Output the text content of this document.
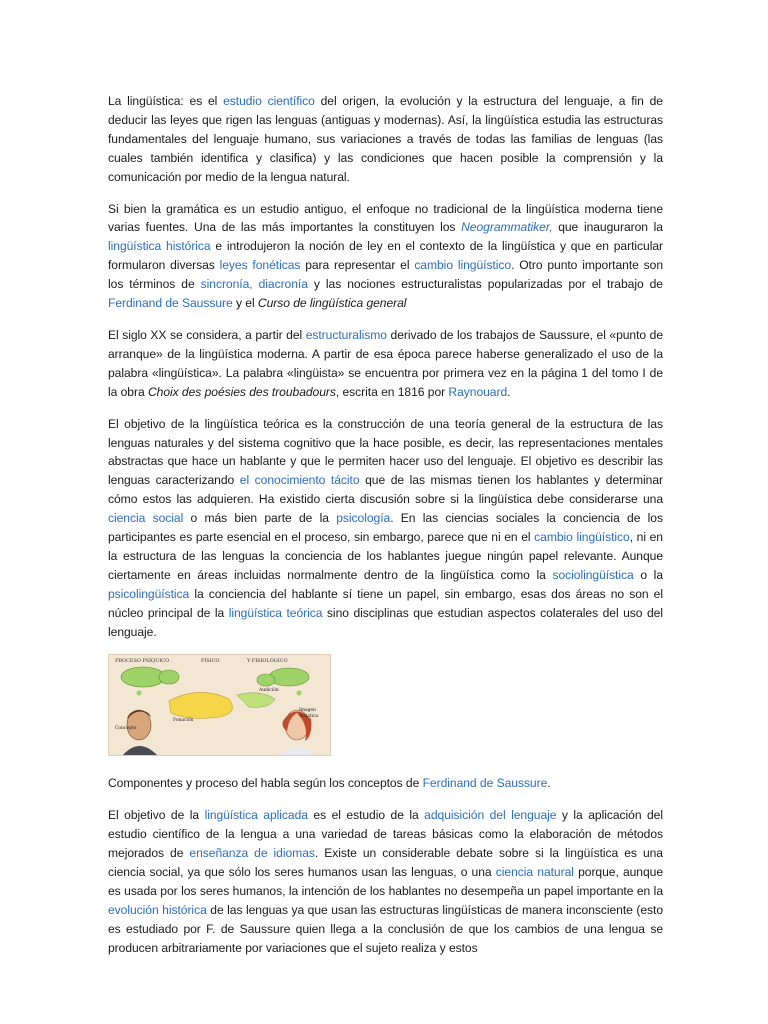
La lingüística: es el estudio científico del origen, la evolución y la estructura del lenguaje, a fin de deducir las leyes que rigen las lenguas (antiguas y modernas). Así, la lingüística estudia las estructuras fundamentales del lenguaje humano, sus variaciones a través de todas las familias de lenguas (las cuales también identifica y clasifica) y las condiciones que hacen posible la comprensión y la comunicación por medio de la lengua natural.

Si bien la gramática es un estudio antiguo, el enfoque no tradicional de la lingüística moderna tiene varias fuentes. Una de las más importantes la constituyen los Neogrammatiker, que inauguraron la lingüística histórica e introdujeron la noción de ley en el contexto de la lingüística y que en particular formularon diversas leyes fonéticas para representar el cambio lingüístico. Otro punto importante son los términos de sincronía, diacronía y las nociones estructuralistas popularizadas por el trabajo de Ferdinand de Saussure y el Curso de lingüística general

El siglo XX se considera, a partir del estructuralismo derivado de los trabajos de Saussure, el «punto de arranque» de la lingüística moderna. A partir de esa época parece haberse generalizado el uso de la palabra «lingüística». La palabra «lingüista» se encuentra por primera vez en la página 1 del tomo I de la obra Choix des poésies des troubadours, escrita en 1816 por Raynouard.

El objetivo de la lingüística teórica es la construcción de una teoría general de la estructura de las lenguas naturales y del sistema cognitivo que la hace posible, es decir, las representaciones mentales abstractas que hace un hablante y que le permiten hacer uso del lenguaje. El objetivo es describir las lenguas caracterizando el conocimiento tácito que de las mismas tienen los hablantes y determinar cómo estos las adquieren. Ha existido cierta discusión sobre si la lingüística debe considerarse una ciencia social o más bien parte de la psicología. En las ciencias sociales la conciencia de los participantes es parte esencial en el proceso, sin embargo, parece que ni en el cambio lingüístico, ni en la estructura de las lenguas la conciencia de los hablantes juegue ningún papel relevante. Aunque ciertamente en áreas incluidas normalmente dentro de la lingüística como la sociolingüística o la psicolingüística la conciencia del hablante sí tiene un papel, sin embargo, esas dos áreas no son el núcleo principal de la lingüística teórica sino disciplinas que estudian aspectos colaterales del uso del lenguaje.

PROCESO PSÍQUICO	FÍSICO	Y FISIOLÓGICO
Concepto
Fonación
Audición
Imagen
Acústica

Componentes y proceso del habla según los conceptos de Ferdinand de Saussure.

El objetivo de la lingüística aplicada es el estudio de la adquisición del lenguaje y la aplicación del estudio científico de la lengua a una variedad de tareas básicas como la elaboración de métodos mejorados de enseñanza de idiomas. Existe un considerable debate sobre si la lingüística es una ciencia social, ya que sólo los seres humanos usan las lenguas, o una ciencia natural porque, aunque es usada por los seres humanos, la intención de los hablantes no desempeña un papel importante en la evolución histórica de las lenguas ya que usan las estructuras lingüísticas de manera inconsciente (esto es estudiado por F. de Saussure quien llega a la conclusión de que los cambios de una lengua se producen arbitrariamente por variaciones que el sujeto realiza y estos
